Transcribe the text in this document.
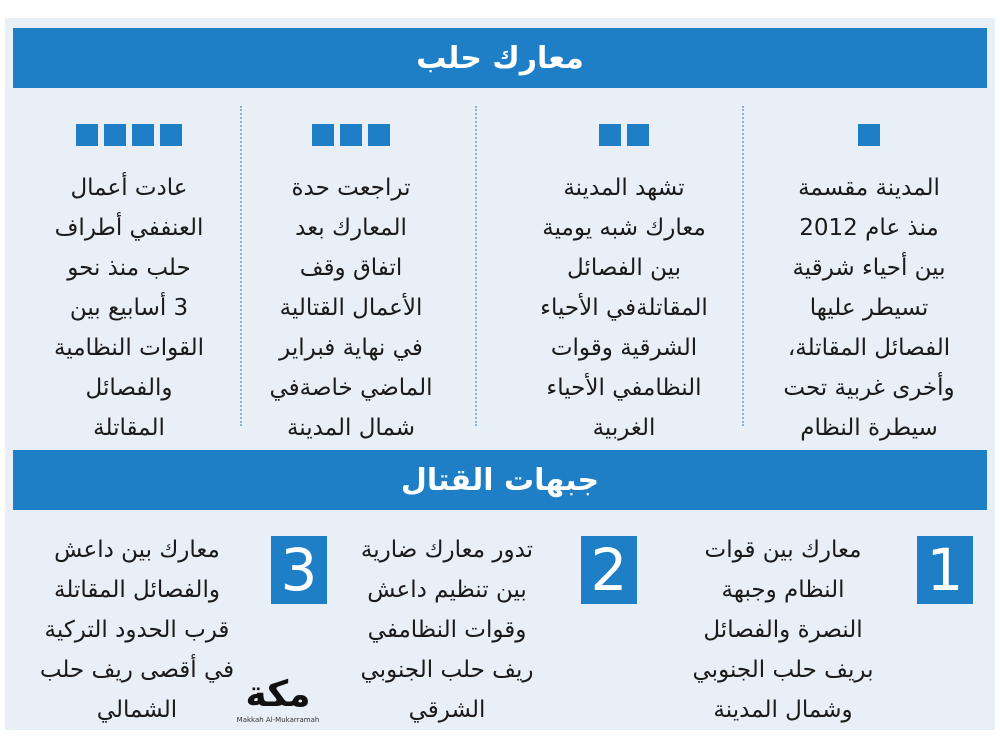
معارك حلب
المدينة مقسمة
منذ عام 2012
بين أحياء شرقية
تسيطر عليها
الفصائل المقاتلة،
وأخرى غربية تحت
سيطرة النظام
تشهد المدينة
معارك شبه يومية
بين الفصائل
المقاتلةفي الأحياء
الشرقية وقوات
النظامفي الأحياء
الغربية
تراجعت حدة
المعارك بعد
اتفاق وقف
الأعمال القتالية
في نهاية فبراير
الماضي خاصةفي
شمال المدينة
عادت أعمال
العنففي أطراف
حلب منذ نحو
3 أسابيع بين
القوات النظامية
والفصائل
المقاتلة
جبهات القتال
1
معارك بين قوات
النظام وجبهة
النصرة والفصائل
بريف حلب الجنوبي
وشمال المدينة
2
تدور معارك ضارية
بين تنظيم داعش
وقوات النظامفي
ريف حلب الجنوبي
الشرقي
3
معارك بين داعش
والفصائل المقاتلة
قرب الحدود التركية
في أقصى ريف حلب
الشمالي	مكة
Makkah Al-Mukarramah
